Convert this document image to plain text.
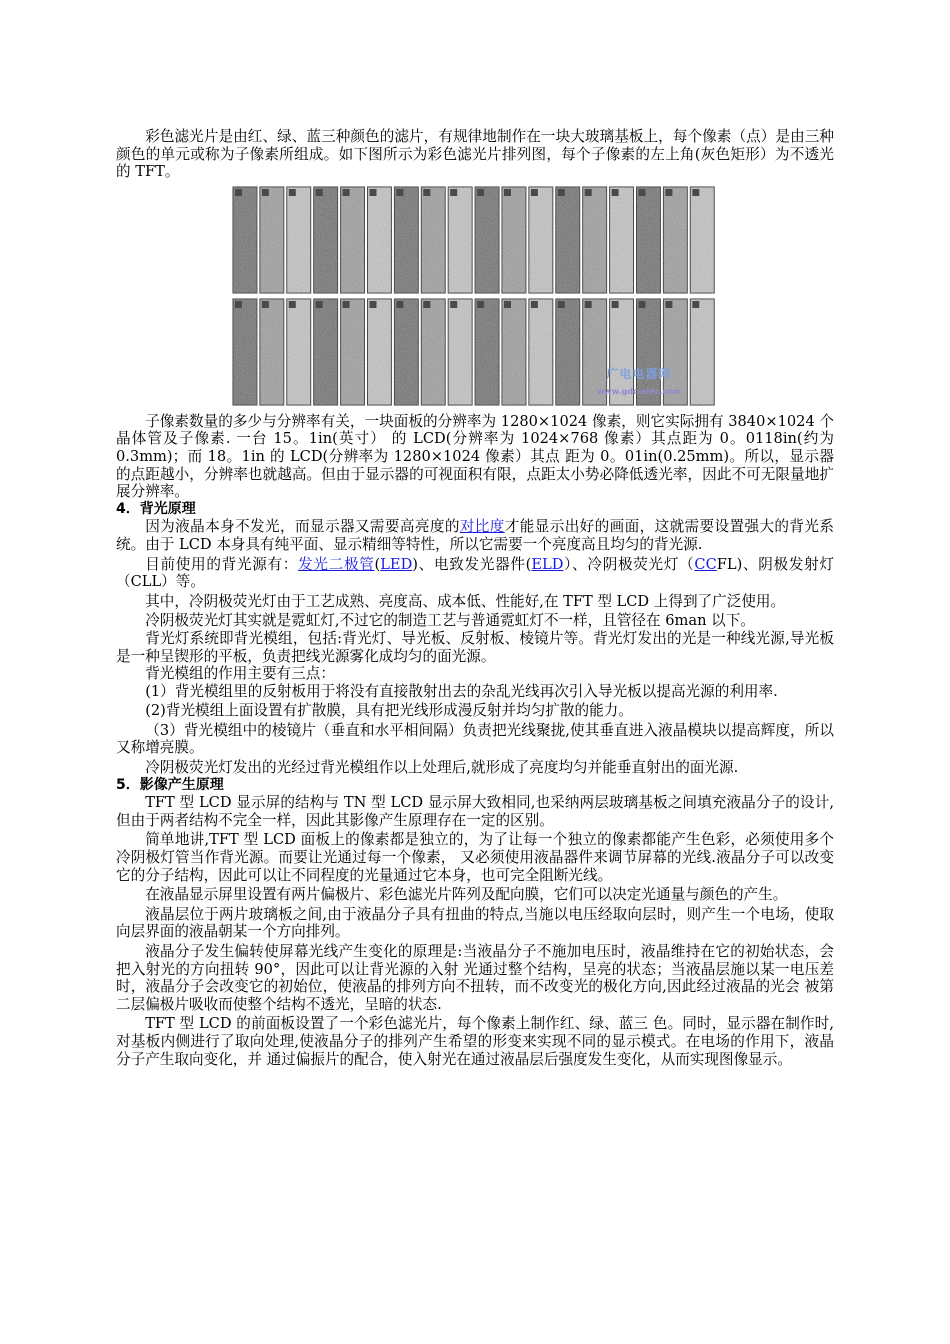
彩色滤光片是由红、绿、蓝三种颜色的滤片，有规律地制作在一块大玻璃基板上，每个像素（点）是由三种颜色的单元或称为子像素所组成。如下图所示为彩色滤光片排列图，每个子像素的左上角(灰色矩形）为不透光的 TFT。

广电电器网
www.gdc-elec.com

子像素数量的多少与分辨率有关，一块面板的分辨率为 1280×1024 像素，则它实际拥有 3840×1024 个晶体管及子像素. 一台 15。1in(英寸） 的 LCD(分辨率为 1024×768 像素）其点距为 0。0118in(约为 0.3mm)；而 18。1in 的 LCD(分辨率为 1280×1024 像素）其点 距为 0。01in(0.25mm)。所以，显示器的点距越小，分辨率也就越高。但由于显示器的可视面积有限，点距太小势必降低透光率，因此不可无限量地扩 展分辨率。

4．背光原理

因为液晶本身不发光，而显示器又需要高亮度的对比度才能显示出好的画面，这就需要设置强大的背光系统。由于 LCD 本身具有纯平面、显示精细等特性，所以它需要一个亮度高且均匀的背光源.

目前使用的背光源有：发光二极管(LED)、电致发光器件(ELD）、冷阴极荧光灯（CCFL)、阴极发射灯（CLL）等。

其中，冷阴极荧光灯由于工艺成熟、亮度高、成本低、性能好,在 TFT 型 LCD 上得到了广泛使用。

冷阴极荧光灯其实就是霓虹灯,不过它的制造工艺与普通霓虹灯不一样，且管径在 6man 以下。

背光灯系统即背光模组，包括:背光灯、导光板、反射板、棱镜片等。背光灯发出的光是一种线光源,导光板是一种呈锲形的平板，负责把线光源雾化成均匀的面光源。

背光模组的作用主要有三点：

(1）背光模组里的反射板用于将没有直接散射出去的杂乱光线再次引入导光板以提高光源的利用率.

(2)背光模组上面设置有扩散膜，具有把光线形成漫反射并均匀扩散的能力。

（3）背光模组中的棱镜片（垂直和水平相间隔）负责把光线聚拢,使其垂直进入液晶模块以提高辉度，所以又称增亮膜。

冷阴极荧光灯发出的光经过背光模组作以上处理后,就形成了亮度均匀并能垂直射出的面光源.

5．影像产生原理

TFT 型 LCD 显示屏的结构与 TN 型 LCD 显示屏大致相同,也采纳两层玻璃基板之间填充液晶分子的设计,但由于两者结构不完全一样，因此其影像产生原理存在一定的区别。

简单地讲,TFT 型 LCD 面板上的像素都是独立的，为了让每一个独立的像素都能产生色彩，必须使用多个冷阴极灯管当作背光源。而要让光通过每一个像素， 又必须使用液晶器件来调节屏幕的光线.液晶分子可以改变它的分子结构，因此可以让不同程度的光量通过它本身，也可完全阻断光线。

在液晶显示屏里设置有两片偏极片、彩色滤光片阵列及配向膜，它们可以决定光通量与颜色的产生。

液晶层位于两片玻璃板之间,由于液晶分子具有扭曲的特点,当施以电压经取向层时，则产生一个电场，使取向层界面的液晶朝某一个方向排列。

液晶分子发生偏转使屏幕光线产生变化的原理是:当液晶分子不施加电压时，液晶维持在它的初始状态，会把入射光的方向扭转 90°，因此可以让背光源的入射 光通过整个结构，呈亮的状态；当液晶层施以某一电压差时，液晶分子会改变它的初始位，使液晶的排列方向不扭转，而不改变光的极化方向,因此经过液晶的光会 被第二层偏极片吸收而使整个结构不透光，呈暗的状态.

TFT 型 LCD 的前面板设置了一个彩色滤光片，每个像素上制作红、绿、蓝三 色。同时，显示器在制作时,对基板内侧进行了取向处理,使液晶分子的排列产生希望的形变来实现不同的显示模式。在电场的作用下，液晶分子产生取向变化，并 通过偏振片的配合，使入射光在通过液晶层后强度发生变化，从而实现图像显示。
